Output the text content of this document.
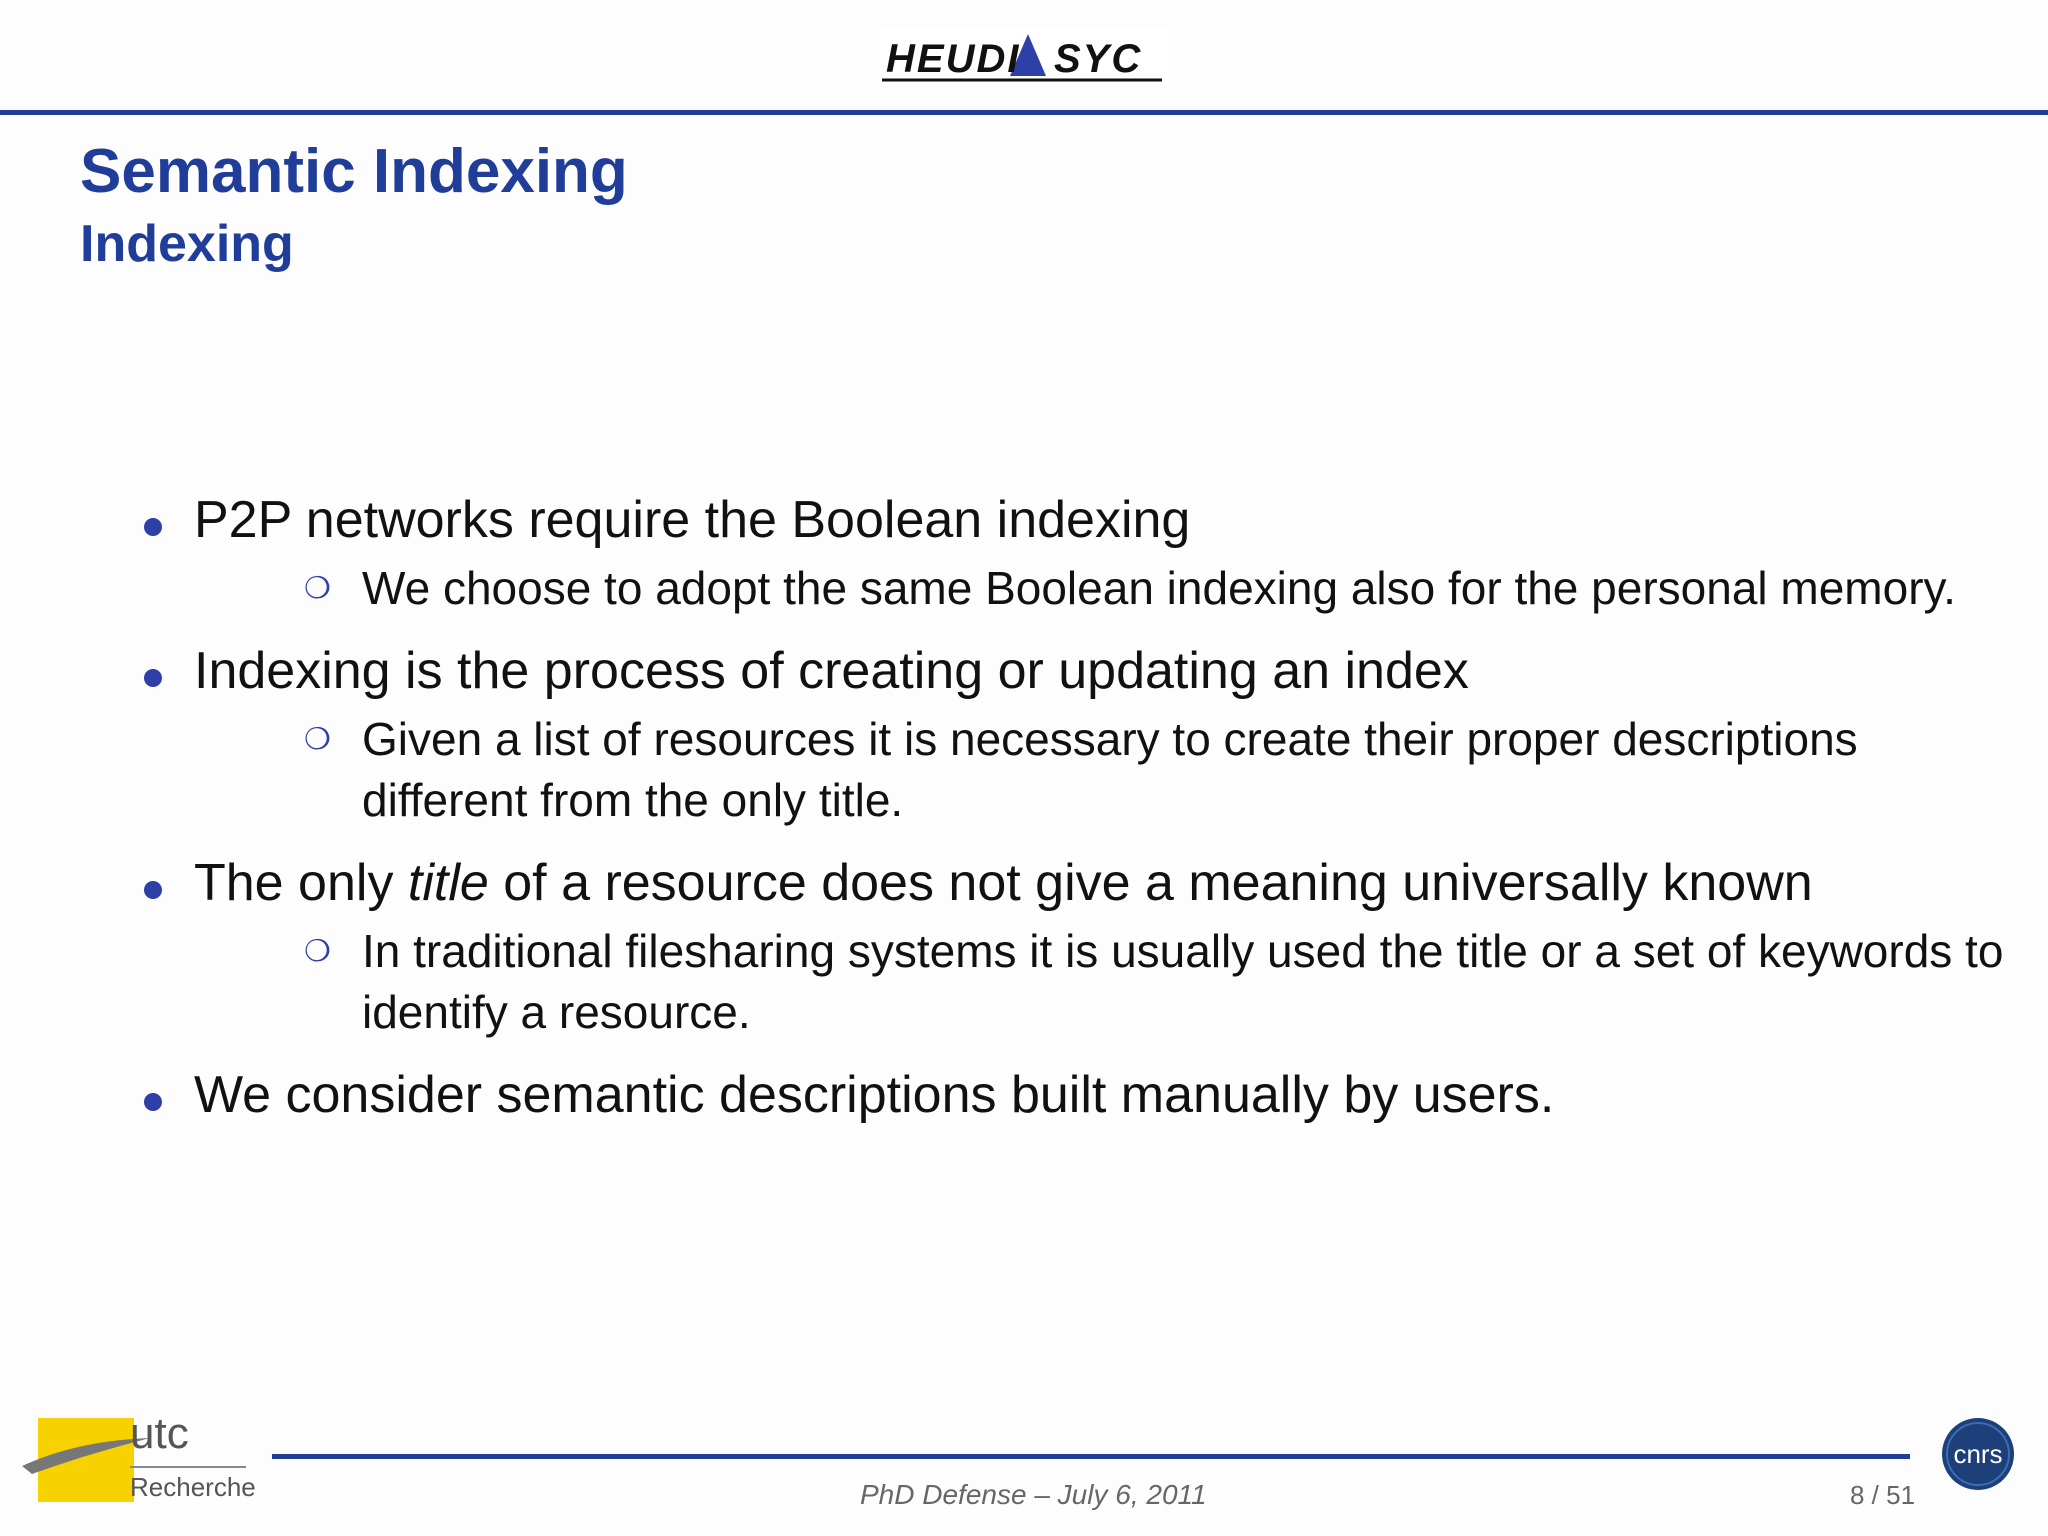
HEUDI SYC
Semantic Indexing
Indexing
P2P networks require the Boolean indexing
❍ We choose to adopt the same Boolean indexing also for the personal memory.
Indexing is the process of creating or updating an index
❍ Given a list of resources it is necessary to create their proper descriptions different from the only title.
The only title of a resource does not give a meaning universally known
❍ In traditional filesharing systems it is usually used the title or a set of keywords to identify a resource.
We consider semantic descriptions built manually by users.
utc
Recherche	PhD Defense – July 6, 2011	8 / 51
cnrs
